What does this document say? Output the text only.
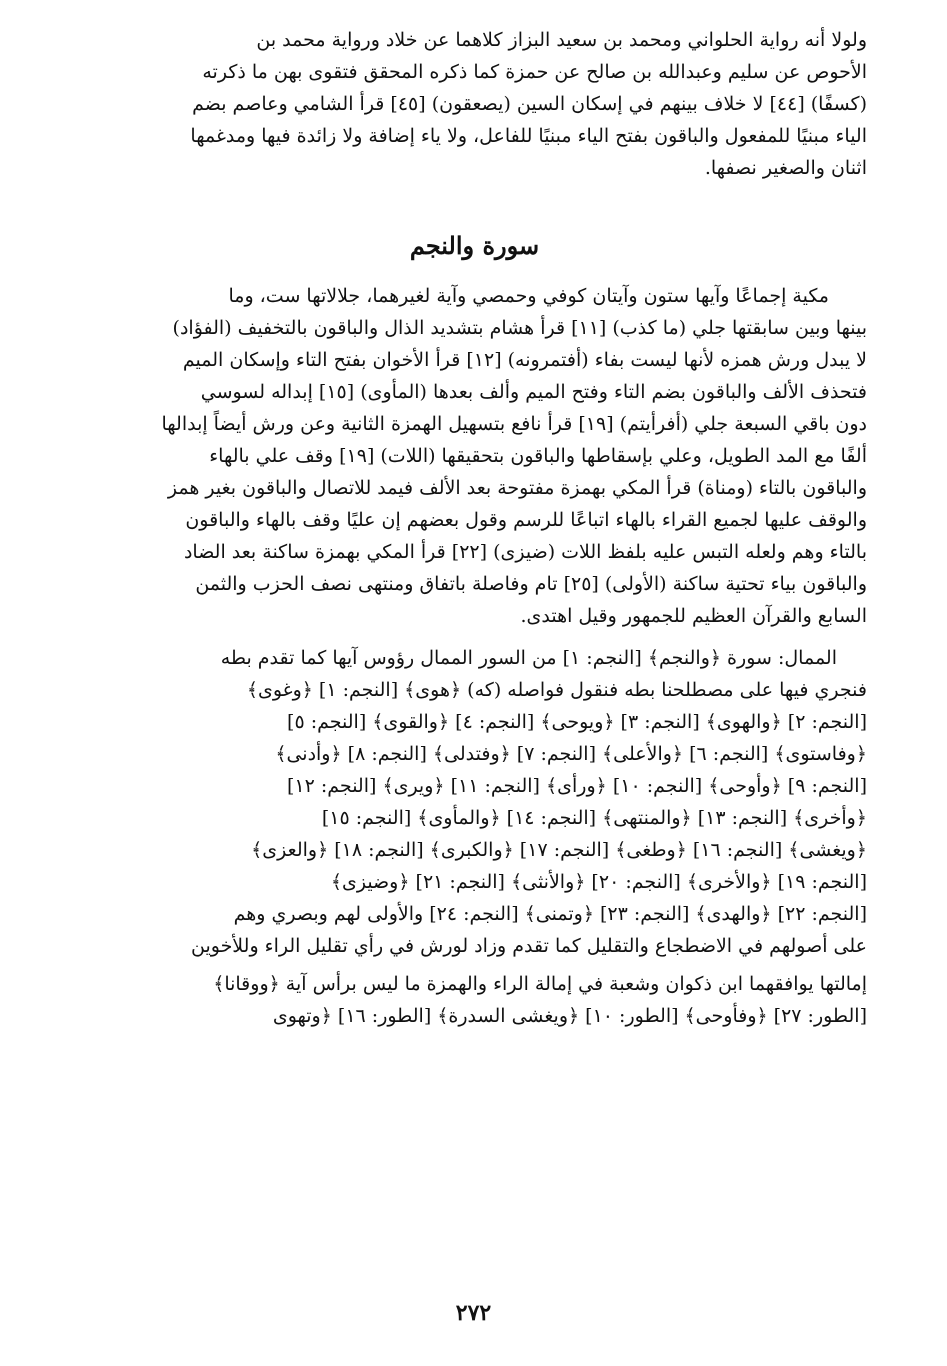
ولولا أنه رواية الحلواني ومحمد بن سعيد البزاز كلاهما عن خلاد ورواية محمد بن
الأحوص عن سليم وعبدالله بن صالح عن حمزة كما ذكره المحقق فتقوى بهن ما ذكرته
(كسفًا) [٤٤] لا خلاف بينهم في إسكان السين (يصعقون) [٤٥] قرأ الشامي وعاصم بضم
الياء مبنيًا للمفعول والباقون بفتح الياء مبنيًا للفاعل، ولا ياء إضافة ولا زائدة فيها ومدغمها
اثنان والصغير نصفها.
سورة والنجم
مكية إجماعًا وآيها ستون وآيتان كوفي وحمصي وآية لغيرهما، جلالاتها ست، وما
بينها وبين سابقتها جلي (ما كذب) [١١] قرأ هشام بتشديد الذال والباقون بالتخفيف (الفؤاد)
لا يبدل ورش همزه لأنها ليست بفاء (أفتمرونه) [١٢] قرأ الأخوان بفتح التاء وإسكان الميم
فتحذف الألف والباقون بضم التاء وفتح الميم وألف بعدها (المأوى) [١٥] إبداله لسوسي
دون باقي السبعة جلي (أفرأيتم) [١٩] قرأ نافع بتسهيل الهمزة الثانية وعن ورش أيضاً إبدالها
ألفًا مع المد الطويل، وعلي بإسقاطها والباقون بتحقيقها (اللات) [١٩] وقف علي بالهاء
والباقون بالتاء (ومناة) قرأ المكي بهمزة مفتوحة بعد الألف فيمد للاتصال والباقون بغير همز
والوقف عليها لجميع القراء بالهاء اتباعًا للرسم وقول بعضهم إن عليًا وقف بالهاء والباقون
بالتاء وهم ولعله التبس عليه بلفظ اللات (ضيزى) [٢٢] قرأ المكي بهمزة ساكنة بعد الضاد
والباقون بياء تحتية ساكنة (الأولى) [٢٥] تام وفاصلة باتفاق ومنتهى نصف الحزب والثمن
السابع والقرآن العظيم للجمهور وقيل اهتدى.
الممال: سورة ﴿والنجم﴾ [النجم: ١] من السور الممال رؤوس آيها كما تقدم بطه
فنجري فيها على مصطلحنا بطه فنقول فواصله (كه) ﴿هوى﴾ [النجم: ١] ﴿وغوى﴾
[النجم: ٢] ﴿والهوى﴾ [النجم: ٣] ﴿ويوحى﴾ [النجم: ٤] ﴿والقوى﴾ [النجم: ٥]
﴿وفاستوى﴾ [النجم: ٦] ﴿والأعلى﴾ [النجم: ٧] ﴿وفتدلى﴾ [النجم: ٨] ﴿وأدنى﴾
[النجم: ٩] ﴿وأوحى﴾ [النجم: ١٠] ﴿ورأى﴾ [النجم: ١١] ﴿ويرى﴾ [النجم: ١٢]
﴿وأخرى﴾ [النجم: ١٣] ﴿والمنتهى﴾ [النجم: ١٤] ﴿والمأوى﴾ [النجم: ١٥]
﴿ويغشى﴾ [النجم: ١٦] ﴿وطغى﴾ [النجم: ١٧] ﴿والكبرى﴾ [النجم: ١٨] ﴿والعزى﴾
[النجم: ١٩] ﴿والأخرى﴾ [النجم: ٢٠] ﴿والأنثى﴾ [النجم: ٢١] ﴿وضيزى﴾
[النجم: ٢٢] ﴿والهدى﴾ [النجم: ٢٣] ﴿وتمنى﴾ [النجم: ٢٤] والأولى لهم وبصري وهم
على أصولهم في الاضطجاع والتقليل كما تقدم وزاد لورش في رأي تقليل الراء وللأخوين
إمالتها يوافقهما ابن ذكوان وشعبة في إمالة الراء والهمزة ما ليس برأس آية ﴿ووقانا﴾
[الطور: ٢٧] ﴿وفأوحى﴾ [الطور: ١٠] ﴿ويغشى السدرة﴾ [الطور: ١٦] ﴿وتهوى
٢٧٢
